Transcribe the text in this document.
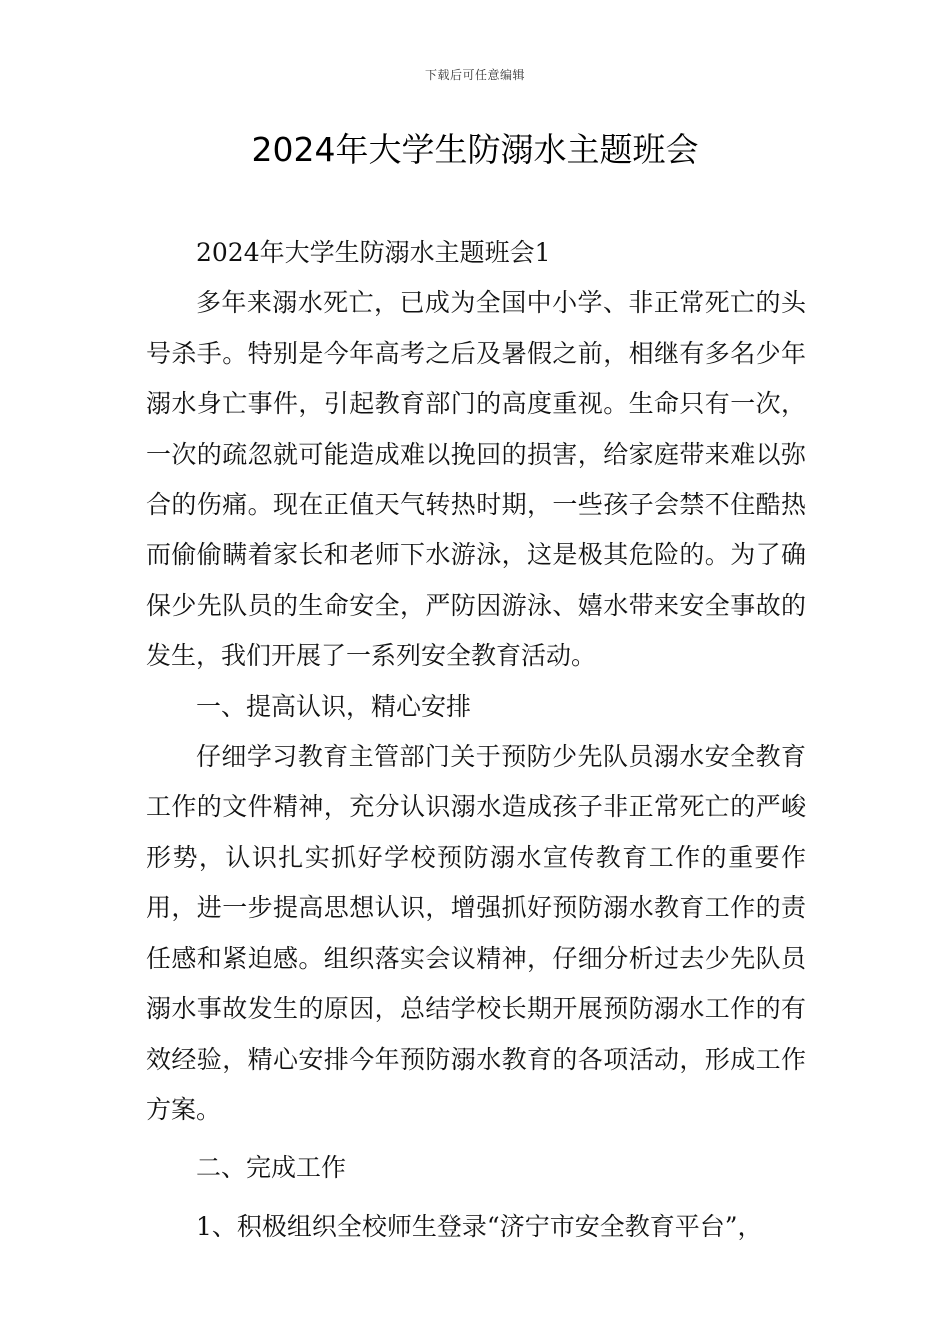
下载后可任意编辑
2024年大学生防溺水主题班会

2024年大学生防溺水主题班会1

多年来溺水死亡，已成为全国中小学、非正常死亡的头号杀手。特别是今年高考之后及暑假之前，相继有多名少年溺水身亡事件，引起教育部门的高度重视。生命只有一次，一次的疏忽就可能造成难以挽回的损害，给家庭带来难以弥合的伤痛。现在正值天气转热时期，一些孩子会禁不住酷热而偷偷瞒着家长和老师下水游泳，这是极其危险的。为了确保少先队员的生命安全，严防因游泳、嬉水带来安全事故的发生，我们开展了一系列安全教育活动。

一、提高认识，精心安排

仔细学习教育主管部门关于预防少先队员溺水安全教育工作的文件精神，充分认识溺水造成孩子非正常死亡的严峻形势，认识扎实抓好学校预防溺水宣传教育工作的重要作用，进一步提高思想认识，增强抓好预防溺水教育工作的责任感和紧迫感。组织落实会议精神，仔细分析过去少先队员溺水事故发生的原因，总结学校长期开展预防溺水工作的有效经验，精心安排今年预防溺水教育的各项活动，形成工作方案。

二、完成工作

1、积极组织全校师生登录“济宁市安全教育平台”，
